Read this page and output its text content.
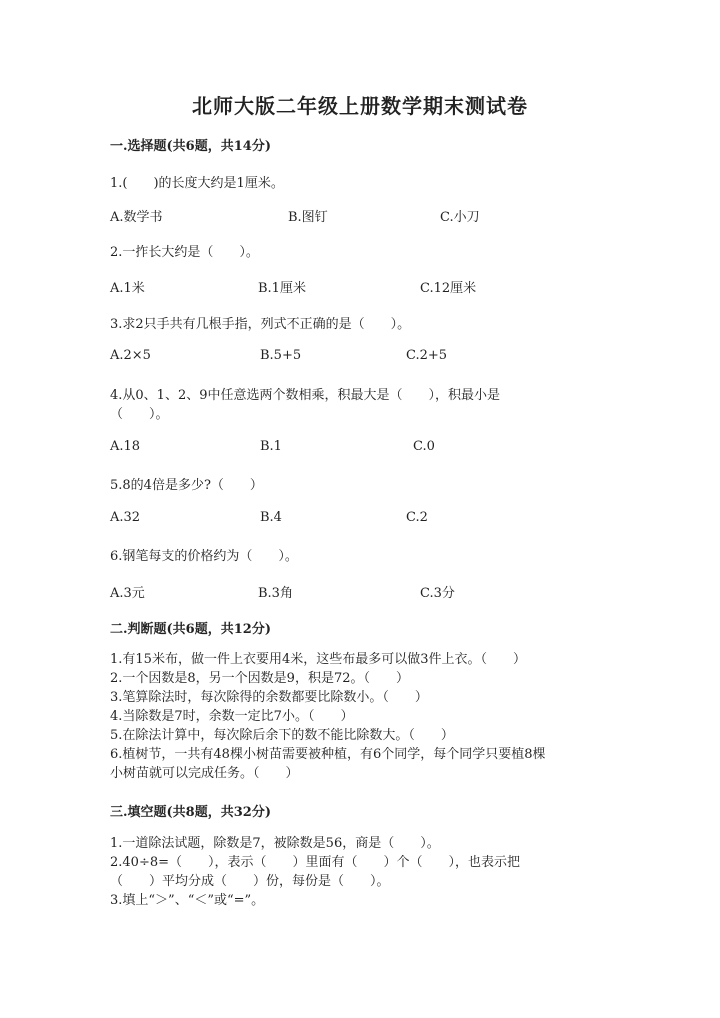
北师大版二年级上册数学期末测试卷
一.选择题(共6题，共14分)
1.(　　)的长度大约是1厘米。
A.数学书	B.图钉	C.小刀
2.一拃长大约是（　　）。
A.1米	B.1厘米	C.12厘米
3.求2只手共有几根手指，列式不正确的是（　　）。
A.2×5	B.5+5	C.2+5
4.从0、1、2、9中任意选两个数相乘，积最大是（　　），积最小是
（　　）。
A.18	B.1	C.0
5.8的4倍是多少?（　　）
A.32	B.4	C.2
6.钢笔每支的价格约为（　　）。
A.3元	B.3角	C.3分
二.判断题(共6题，共12分)
1.有15米布，做一件上衣要用4米，这些布最多可以做3件上衣。（　　）
2.一个因数是8，另一个因数是9，积是72。（　　）
3.笔算除法时，每次除得的余数都要比除数小。（　　）
4.当除数是7时，余数一定比7小。（　　）
5.在除法计算中，每次除后余下的数不能比除数大。（　　）
6.植树节，一共有48棵小树苗需要被种植，有6个同学，每个同学只要植8棵
小树苗就可以完成任务。（　　）
三.填空题(共8题，共32分)
1.一道除法试题，除数是7，被除数是56，商是（　　）。
2.40÷8=（　　），表示（　　）里面有（　　）个（　　），也表示把
（　　）平均分成（　　）份，每份是（　　）。
3.填上“＞”、“＜”或“=”。
